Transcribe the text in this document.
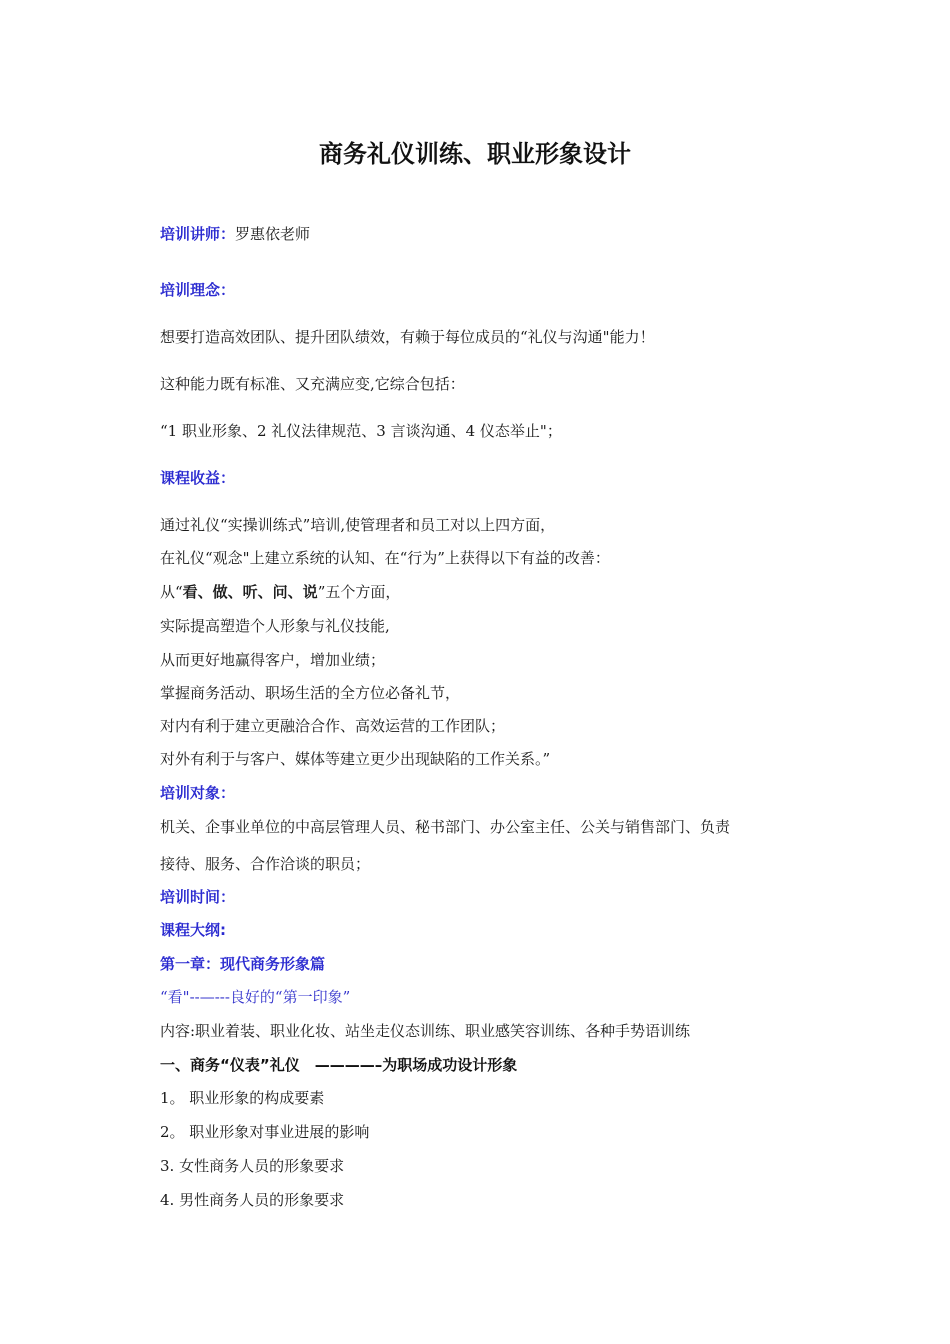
商务礼仪训练、职业形象设计
培训讲师：罗惠依老师
培训理念：
想要打造高效团队、提升团队绩效，有赖于每位成员的“礼仪与沟通"能力！
这种能力既有标准、又充满应变,它综合包括：
“1 职业形象、2 礼仪法律规范、3 言谈沟通、4 仪态举止"；
课程收益：
通过礼仪“实操训练式”培训,使管理者和员工对以上四方面，
在礼仪“观念"上建立系统的认知、在“行为”上获得以下有益的改善：
从“看、做、听、问、说”五个方面，
实际提高塑造个人形象与礼仪技能,
从而更好地赢得客户，增加业绩；
掌握商务活动、职场生活的全方位必备礼节，
对内有利于建立更融洽合作、高效运营的工作团队；
对外有利于与客户、媒体等建立更少出现缺陷的工作关系。”
培训对象：
机关、企事业单位的中高层管理人员、秘书部门、办公室主任、公关与销售部门、负责
接待、服务、合作洽谈的职员；
培训时间：
课程大纲:
第一章：现代商务形象篇
“看"--—---良好的“第一印象”
内容:职业着装、职业化妆、站坐走仪态训练、职业感笑容训练、各种手势语训练
一、商务“仪表”礼仪　————–为职场成功设计形象
1。 职业形象的构成要素
2。 职业形象对事业进展的影响
3. 女性商务人员的形象要求
4. 男性商务人员的形象要求
